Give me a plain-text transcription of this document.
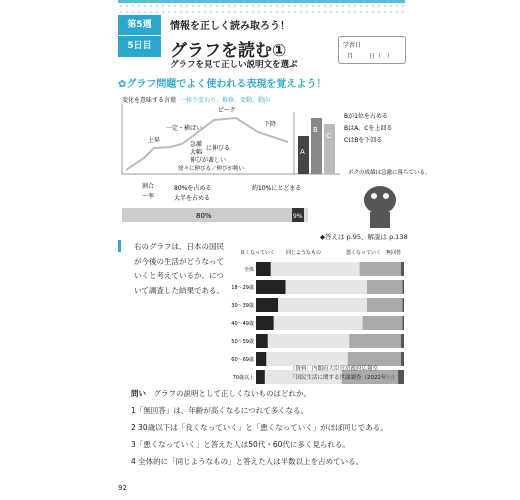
第5週
5日目
情報を正しく読み取ろう！
グラフを読む①
グラフを見て正しい説明文を選ぶ
学習日
月	日（　）
✿グラフ問題でよく使われる表現を覚えよう！
変化を意味する言葉 一移り変わり、推移、変動、動向
上昇
一定・横ばい
ピーク
下降
急激
大幅
に伸びる
伸びが著しい
徐々に伸びる／伸びが鈍い
A
B
C
Bが1位を占める
BはA、Cを上回る
CはBを下回る
割合
〜率
80%を占める
大半を占める
約10%にとどまる
80%	9%
ボクの成績は急激に落ちている。
◆答えは p.95、解説は p.138
右のグラフは、日本の国民が今後の生活がどうなっていくと考えているか、について調査した結果である。
良くなっていく 同じようなもの	悪くなっていく 無回答
全体
18〜29歳
30〜39歳
40〜49歳
50〜59歳
60〜69歳
70歳以上
（資料：内閣府大臣官房政府広報室
「国民生活に関する世論調査（2022年）」）
問い　 グラフの説明として正しくないものはどれか。
1「無回答」は、年齢が高くなるにつれて多くなる。
2 30歳以下は「良くなっていく」と「悪くなっていく」がほぼ同じである。
3「悪くなっていく」と答えた人は50代・60代に多く見られる。
4 全体的に「同じようなもの」と答えた人は半数以上を占めている。
92
